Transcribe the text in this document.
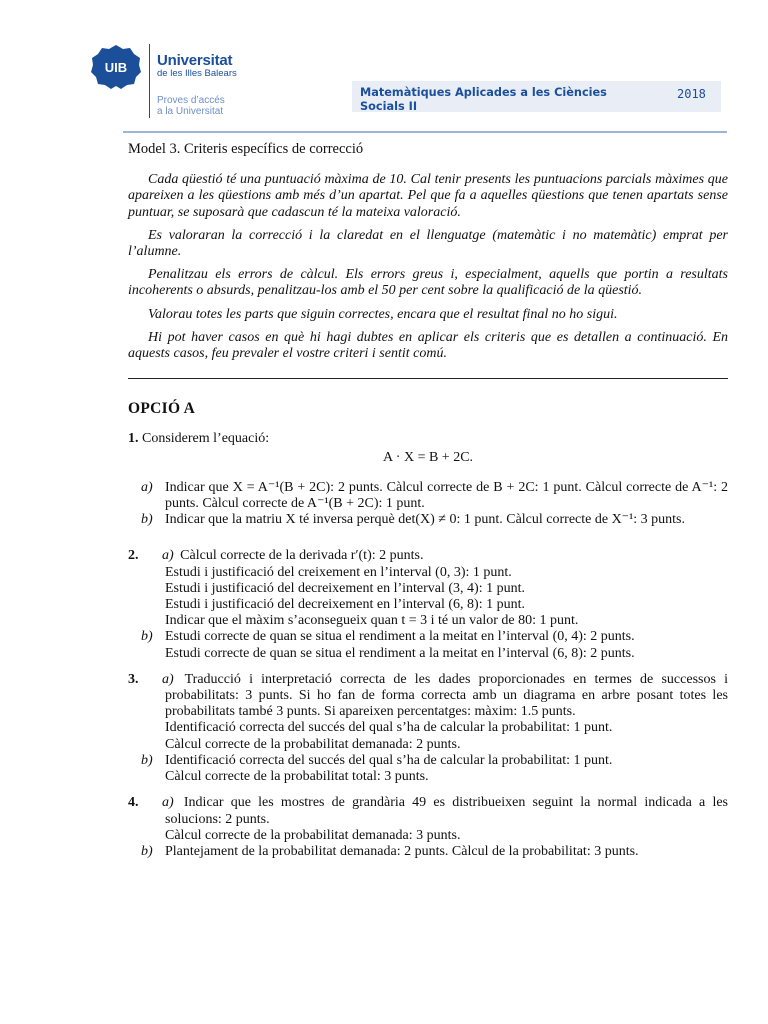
UIB Universitat
de les Illes Balears
Proves d’accés
a la Universitat
Matemàtiques Aplicades a les Ciències Socials II
2018
Model 3. Criteris específics de correcció

Cada qüestió té una puntuació màxima de 10. Cal tenir presents les puntuacions parcials màximes que apareixen a les qüestions amb més d’un apartat. Pel que fa a aquelles qüestions que tenen apartats sense puntuar, se suposarà que cadascun té la mateixa valoració.

Es valoraran la correcció i la claredat en el llenguatge (matemàtic i no matemàtic) emprat per l’alumne.

Penalitzau els errors de càlcul. Els errors greus i, especialment, aquells que portin a resultats incoherents o absurds, penalitzau-los amb el 50 per cent sobre la qualificació de la qüestió.

Valorau totes les parts que siguin correctes, encara que el resultat final no ho sigui.

Hi pot haver casos en què hi hagi dubtes en aplicar els criteris que es detallen a continuació. En aquests casos, feu prevaler el vostre criteri i sentit comú.

OPCIÓ A
1. Considerem l’equació:
A · X = B + 2C.
a) Indicar que X = A⁻¹(B + 2C): 2 punts. Càlcul correcte de B + 2C: 1 punt. Càlcul correcte de A⁻¹: 2 punts. Càlcul correcte de A⁻¹(B + 2C): 1 punt.
b) Indicar que la matriu X té inversa perquè det(X) ≠ 0: 1 punt. Càlcul correcte de X⁻¹: 3 punts.
2. a) Càlcul correcte de la derivada r′(t): 2 punts.
Estudi i justificació del creixement en l’interval (0, 3): 1 punt.
Estudi i justificació del decreixement en l’interval (3, 4): 1 punt.
Estudi i justificació del decreixement en l’interval (6, 8): 1 punt.
Indicar que el màxim s’aconsegueix quan t = 3 i té un valor de 80: 1 punt.
b) Estudi correcte de quan se situa el rendiment a la meitat en l’interval (0, 4): 2 punts.
Estudi correcte de quan se situa el rendiment a la meitat en l’interval (6, 8): 2 punts.
3. a) Traducció i interpretació correcta de les dades proporcionades en termes de successos i probabilitats: 3 punts. Si ho fan de forma correcta amb un diagrama en arbre posant totes les probabilitats també 3 punts. Si apareixen percentatges: màxim: 1.5 punts.
Identificació correcta del succés del qual s’ha de calcular la probabilitat: 1 punt.
Càlcul correcte de la probabilitat demanada: 2 punts.
b) Identificació correcta del succés del qual s’ha de calcular la probabilitat: 1 punt.
Càlcul correcte de la probabilitat total: 3 punts.
4. a) Indicar que les mostres de grandària 49 es distribueixen seguint la normal indicada a les solucions: 2 punts.
Càlcul correcte de la probabilitat demanada: 3 punts.
b) Plantejament de la probabilitat demanada: 2 punts. Càlcul de la probabilitat: 3 punts.
